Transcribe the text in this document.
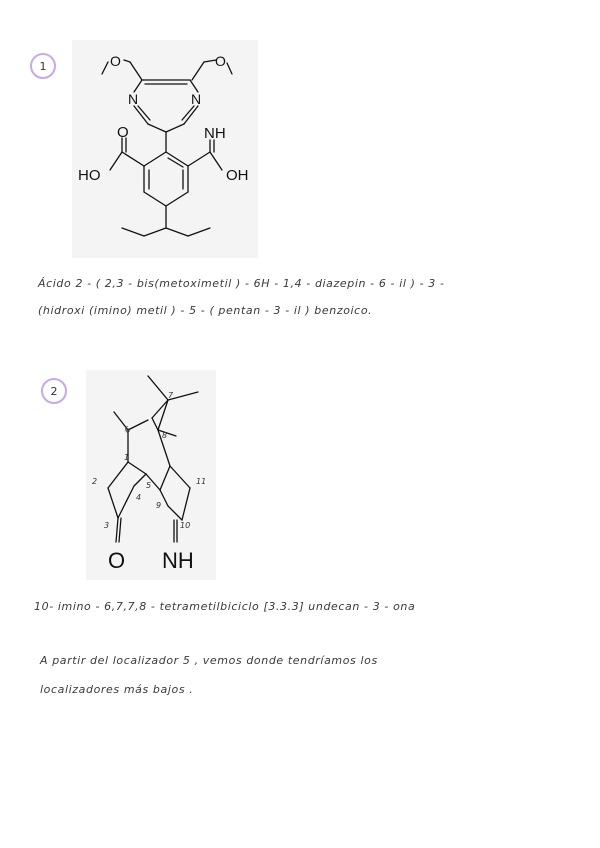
1	O	O
N	N
O	NH
HO	OH
Ácido 2 - ( 2,3 - bis(metoximetil ) - 6H - 1,4 - diazepin - 6 - il ) - 3 -
(hidroxi (imino) metil ) - 5 - ( pentan - 3 - il ) benzoico.
2
6
8
7
1
2
3
4
5
9
10
11
O NH
10- imino - 6,7,7,8 - tetrametilbiciclo [3.3.3] undecan - 3 - ona
A partir del localizador 5 , vemos donde tendríamos los
localizadores más bajos .
